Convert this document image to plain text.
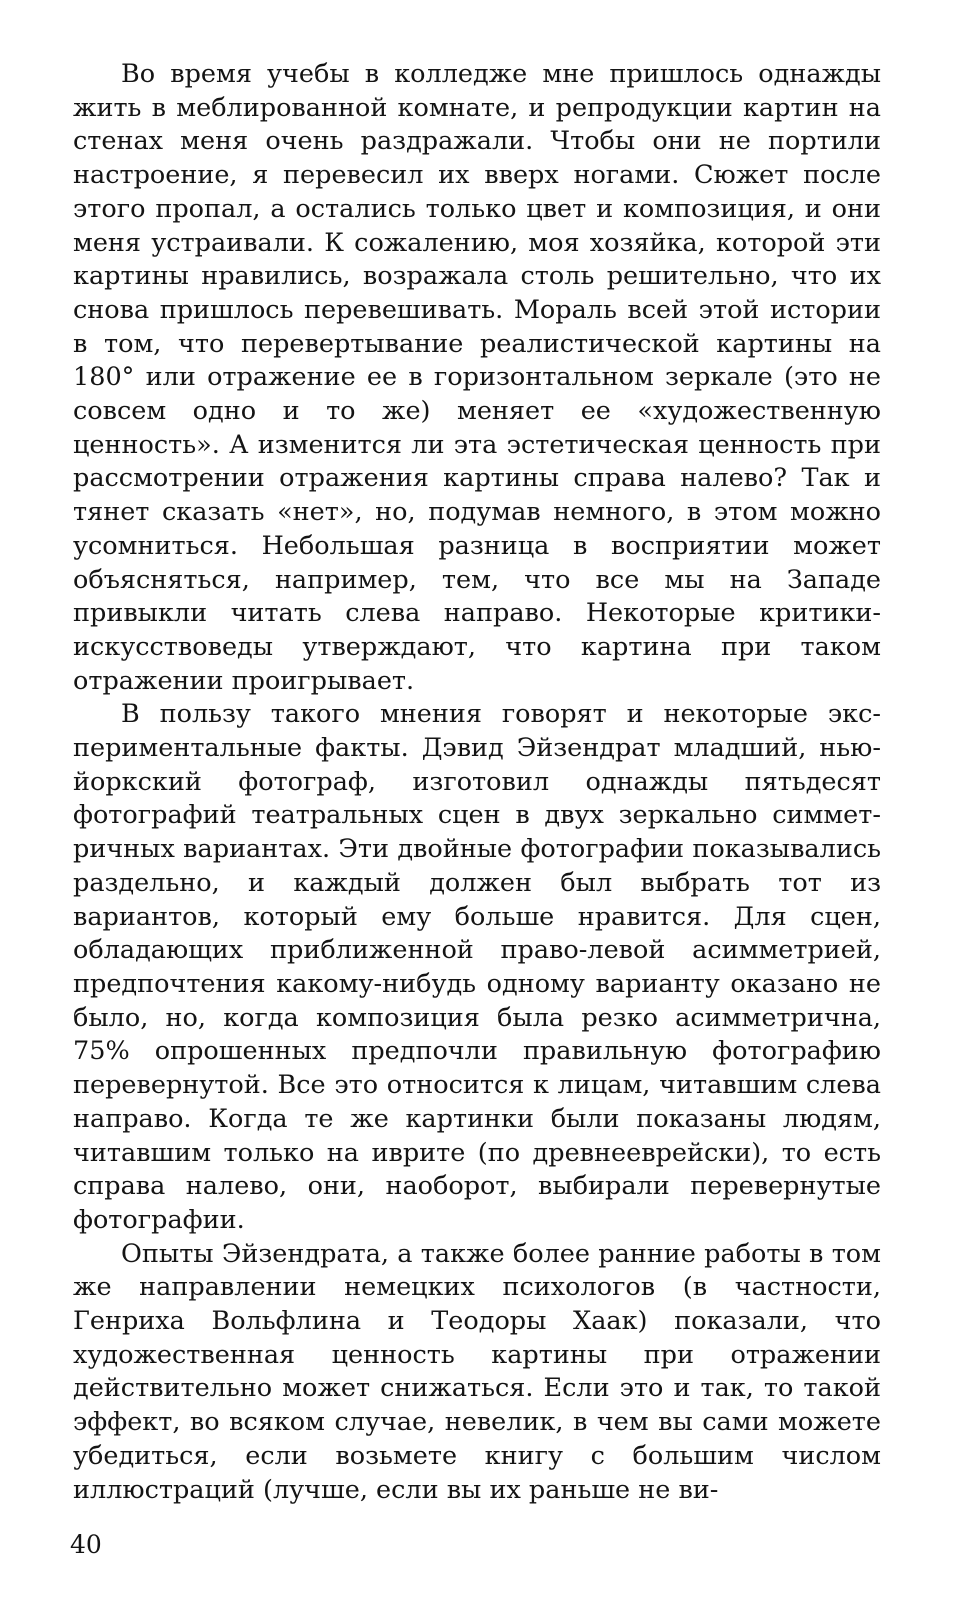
Во время учебы в колледже мне пришлось однажды жить в меблированной комнате, и репродукции картин на стенах меня очень раздражали. Чтобы они не портили настроение, я перевесил их вверх ногами. Сюжет после этого пропал, а остались только цвет и композиция, и они меня устраивали. К сожалению, моя хозяйка, которой эти картины нравились, возражала столь решительно, что их снова пришлось перевешивать. Мораль всей этой истории в том, что перевертывание реалистической картины на 180° или отражение ее в горизонтальном зеркале (это не совсем одно и то же) меняет ее «художественную ценность». А изменится ли эта эстетическая ценность при рассмотрении отражения картины справа налево? Так и тянет сказать «нет», но, подумав немного, в этом можно усомниться. Небольшая разница в восприятии может объясняться, например, тем, что все мы на Западе привыкли читать слева направо. Некоторые критики-искусствоведы утверждают, что картина при таком отражении проигрывает.

В пользу такого мнения говорят и некоторые экспериментальные факты. Дэвид Эйзендрат младший, нью-йоркский фотограф, изготовил однажды пятьдесят фотографий театральных сцен в двух зеркально симметричных вариантах. Эти двойные фотографии показывались раздельно, и каждый должен был выбрать тот из вариантов, который ему больше нравится. Для сцен, обладающих приближенной право-левой асимметрией, предпочтения какому-нибудь одному варианту оказано не было, но, когда композиция была резко асимметрична, 75% опрошенных предпочли правильную фотографию перевернутой. Все это относится к лицам, читавшим слева направо. Когда те же картинки были показаны людям, читавшим только на иврите (по древнееврейски), то есть справа налево, они, наоборот, выбирали перевернутые фотографии.

Опыты Эйзендрата, а также более ранние работы в том же направлении немецких психологов (в частности, Генриха Вольфлина и Теодоры Хаак) показали, что художественная ценность картины при отражении действительно может снижаться. Если это и так, то такой эффект, во всяком случае, невелик, в чем вы сами можете убедиться, если возьмете книгу с большим числом иллюстраций (лучше, если вы их раньше не ви-

40
